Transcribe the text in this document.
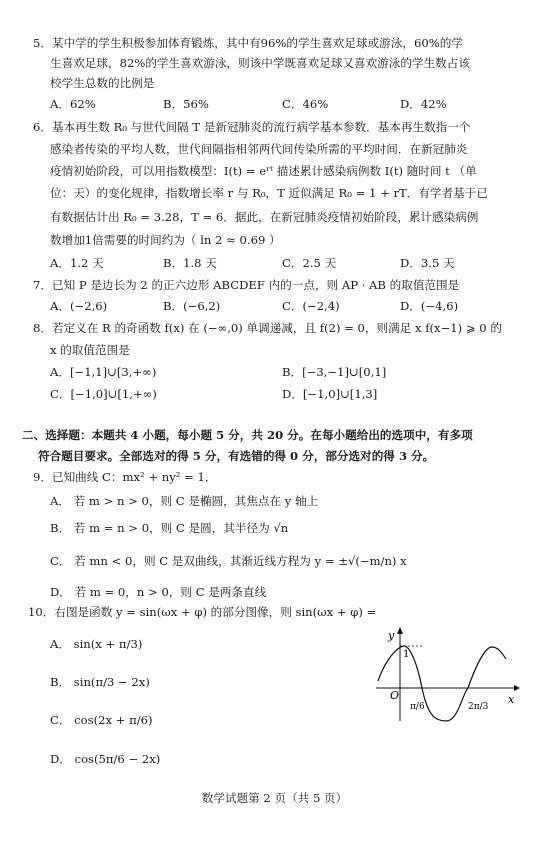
5．某中学的学生积极参加体育锻炼，其中有96%的学生喜欢足球或游泳，60%的学
生喜欢足球，82%的学生喜欢游泳，则该中学既喜欢足球又喜欢游泳的学生数占该
校学生总数的比例是
A．62%	B．56%	C．46%	D．42%
6．基本再生数 R₀ 与世代间隔 T 是新冠肺炎的流行病学基本参数．基本再生数指一个
感染者传染的平均人数，世代间隔指相邻两代间传染所需的平均时间．在新冠肺炎
疫情初始阶段，可以用指数模型：I(t) = eʳᵗ 描述累计感染病例数 I(t) 随时间 t （单
位：天）的变化规律，指数增长率 r 与 R₀，T 近似满足 R₀ = 1 + rT．有学者基于已
有数据估计出 R₀ = 3.28，T = 6．据此，在新冠肺炎疫情初始阶段，累计感染病例
数增加1倍需要的时间约为（ ln 2 ≈ 0.69 ）
A．1.2 天	B．1.8 天	C．2.5 天	D．3.5 天
7．已知 P 是边长为 2 的正六边形 ABCDEF 内的一点，则 AP · AB 的取值范围是
A．(−2,6)	B．(−6,2)	C．(−2,4)	D．(−4,6)
8．若定义在 R 的奇函数 f(x) 在 (−∞,0) 单调递减，且 f(2) = 0，则满足 x f(x−1) ⩾ 0 的
x 的取值范围是
A．[−1,1]∪[3,+∞)	B．[−3,−1]∪[0,1]
C．[−1,0]∪[1,+∞)	D．[−1,0]∪[1,3]
二、选择题：本题共 4 小题，每小题 5 分，共 20 分。在每小题给出的选项中，有多项
符合题目要求。全部选对的得 5 分，有选错的得 0 分，部分选对的得 3 分。
9．已知曲线 C：mx² + ny² = 1．
A． 若 m > n > 0，则 C 是椭圆，其焦点在 y 轴上
B． 若 m = n > 0，则 C 是圆，其半径为 √n
C． 若 mn < 0，则 C 是双曲线，其渐近线方程为 y = ±√(−m/n) x
D． 若 m = 0，n > 0，则 C 是两条直线
10．右图是函数 y = sin(ωx + φ) 的部分图像，则 sin(ωx + φ) =
A． sin(x + π/3)
B． sin(π/3 − 2x)
C． cos(2x + π/6)
D． cos(5π/6 − 2x)
y
x
O
1
π/6	2π/3
数学试题第 2 页（共 5 页）
